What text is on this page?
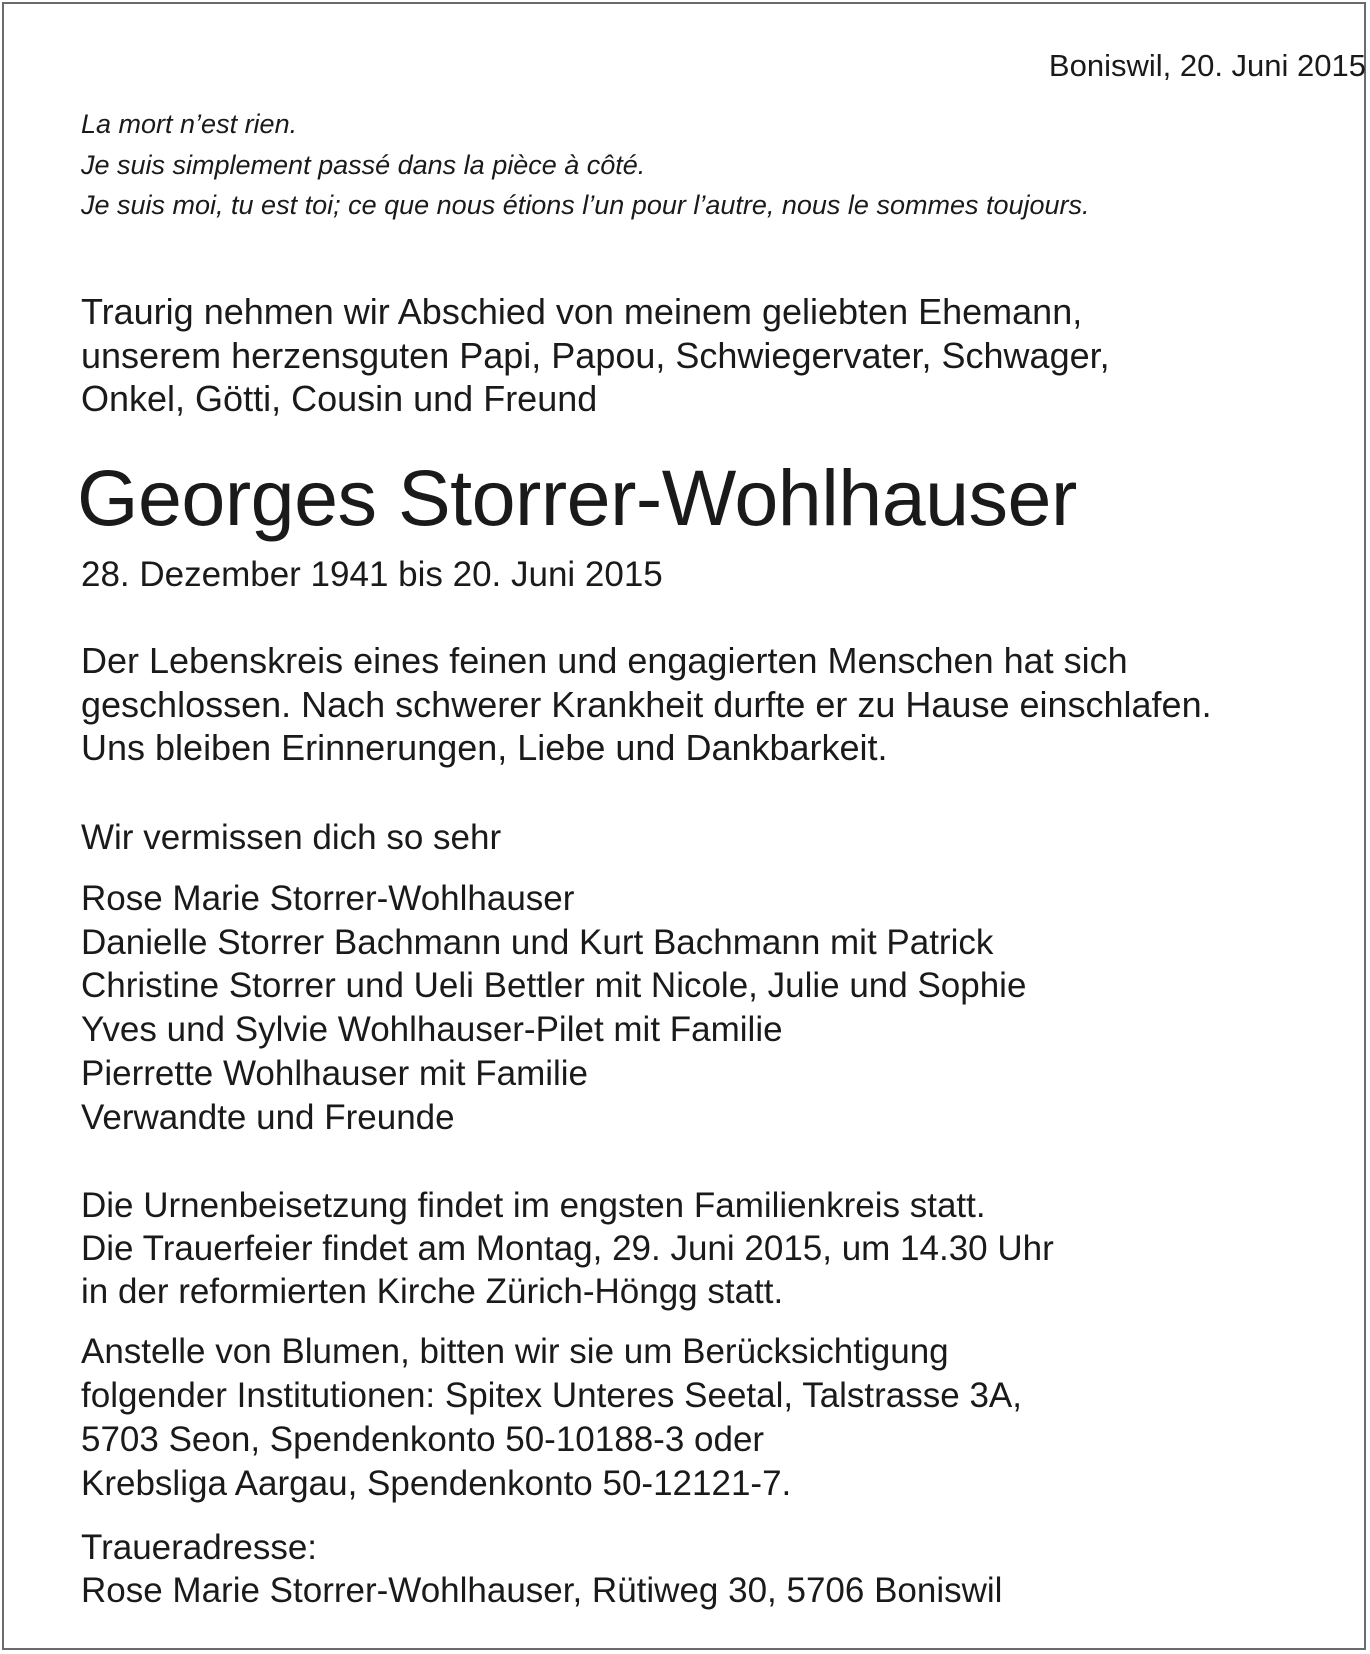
Boniswil, 20. Juni 2015
La mort n’est rien.
Je suis simplement passé dans la pièce à côté.
Je suis moi, tu est toi; ce que nous étions l’un pour l’autre, nous le sommes toujours.
Traurig nehmen wir Abschied von meinem geliebten Ehemann,
unserem herzensguten Papi, Papou, Schwiegervater, Schwager,
Onkel, Götti, Cousin und Freund
Georges Storrer-Wohlhauser
28. Dezember 1941 bis 20. Juni 2015
Der Lebenskreis eines feinen und engagierten Menschen hat sich
geschlossen. Nach schwerer Krankheit durfte er zu Hause einschlafen.
Uns bleiben Erinnerungen, Liebe und Dankbarkeit.
Wir vermissen dich so sehr
Rose Marie Storrer-Wohlhauser
Danielle Storrer Bachmann und Kurt Bachmann mit Patrick
Christine Storrer und Ueli Bettler mit Nicole, Julie und Sophie
Yves und Sylvie Wohlhauser-Pilet mit Familie
Pierrette Wohlhauser mit Familie
Verwandte und Freunde
Die Urnenbeisetzung findet im engsten Familienkreis statt.
Die Trauerfeier findet am Montag, 29. Juni 2015, um 14.30 Uhr
in der reformierten Kirche Zürich-Höngg statt.
Anstelle von Blumen, bitten wir sie um Berücksichtigung
folgender Institutionen: Spitex Unteres Seetal, Talstrasse 3A,
5703 Seon, Spendenkonto 50-10188-3 oder
Krebsliga Aargau, Spendenkonto 50-12121-7.
Traueradresse:
Rose Marie Storrer-Wohlhauser, Rütiweg 30, 5706 Boniswil
